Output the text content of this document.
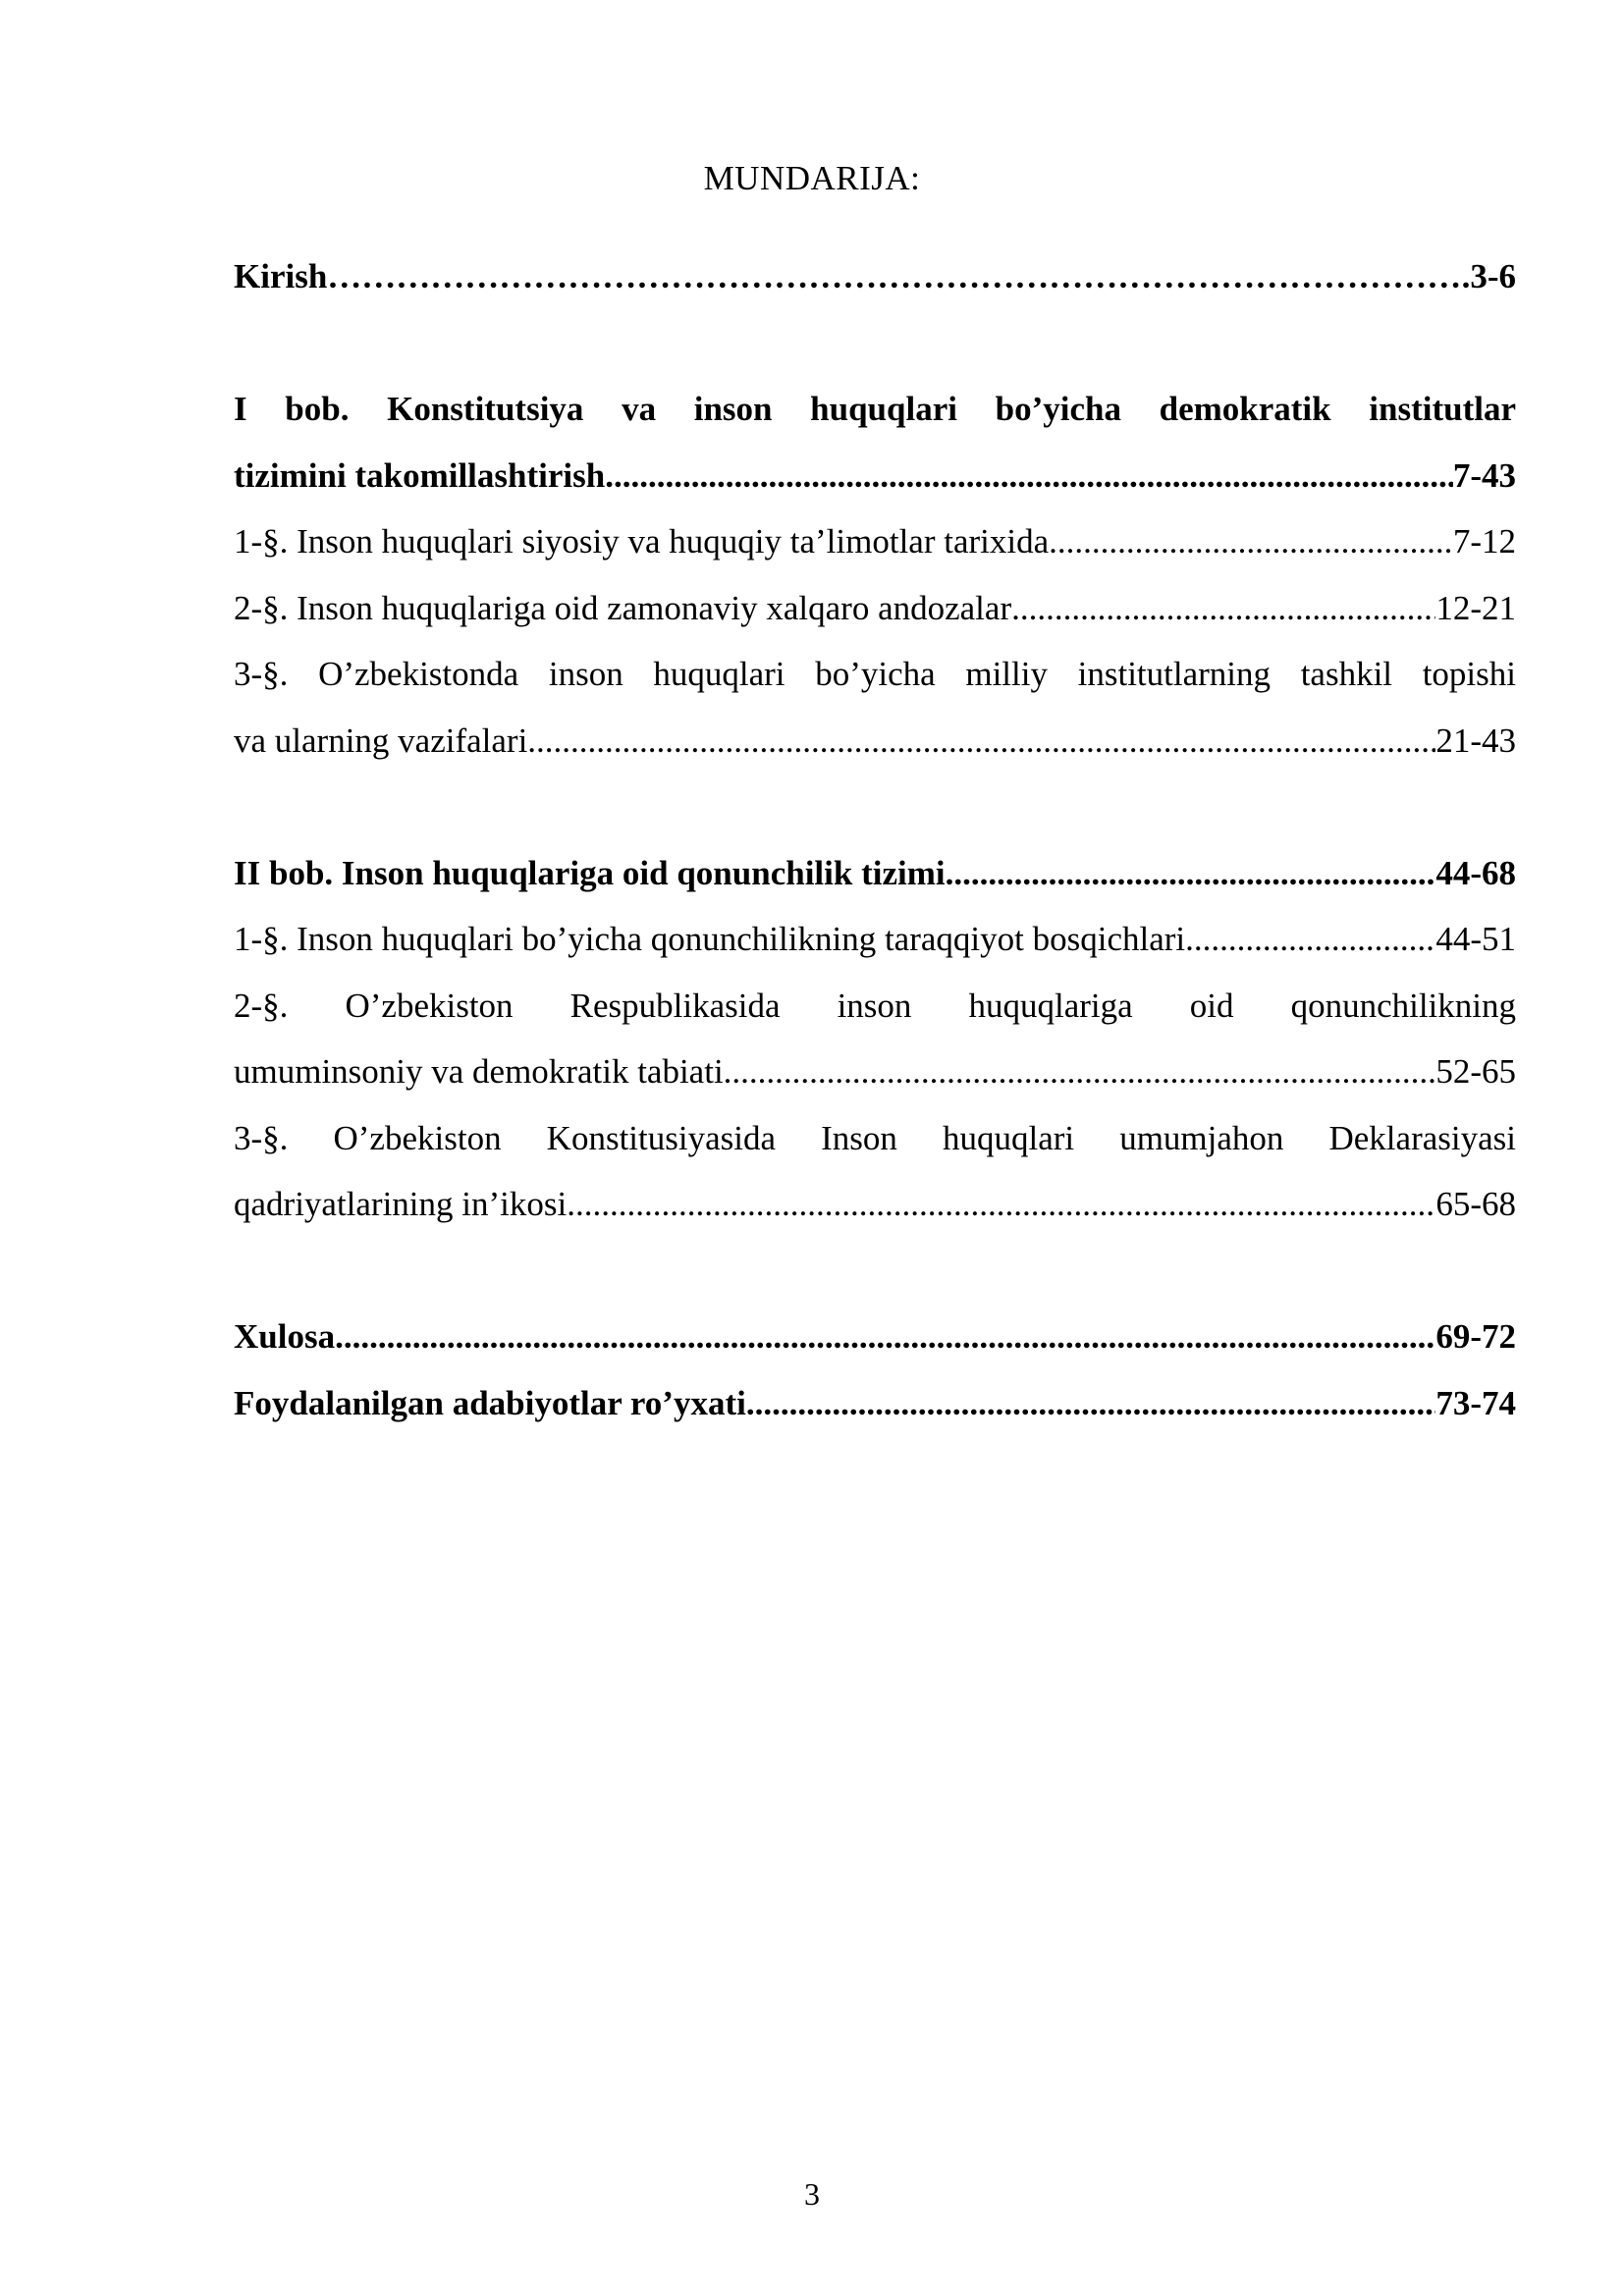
MUNDARIJA:
Kirish ……………………………………………………………………………………………………………………………………………………………………………………………………………………	.3-6
I bob. Konstitutsiya va inson huquqlari bo’yicha demokratik institutlar
tizimini takomillashtirish .....	7-43
1-§. Inson huquqlari siyosiy va huquqiy ta’limotlar tarixida .....	7-12
2-§. Inson huquqlariga oid zamonaviy xalqaro andozalar .....	12-21
3-§. O’zbekistonda inson huquqlari bo’yicha milliy institutlarning tashkil topishi
va ularning vazifalari .....	21-43
II bob. Inson huquqlariga oid qonunchilik tizimi .....	44-68
1-§. Inson huquqlari bo’yicha qonunchilikning taraqqiyot bosqichlari .....	44-51
2-§. O’zbekiston Respublikasida inson huquqlariga oid qonunchilikning
umuminsoniy va demokratik tabiati .....	52-65
3-§. O’zbekiston Konstitusiyasida Inson huquqlari umumjahon Deklarasiyasi
qadriyatlarining in’ikosi .....	65-68
Xulosa .....	69-72
Foydalanilgan adabiyotlar ro’yxati .....	73-74
3
